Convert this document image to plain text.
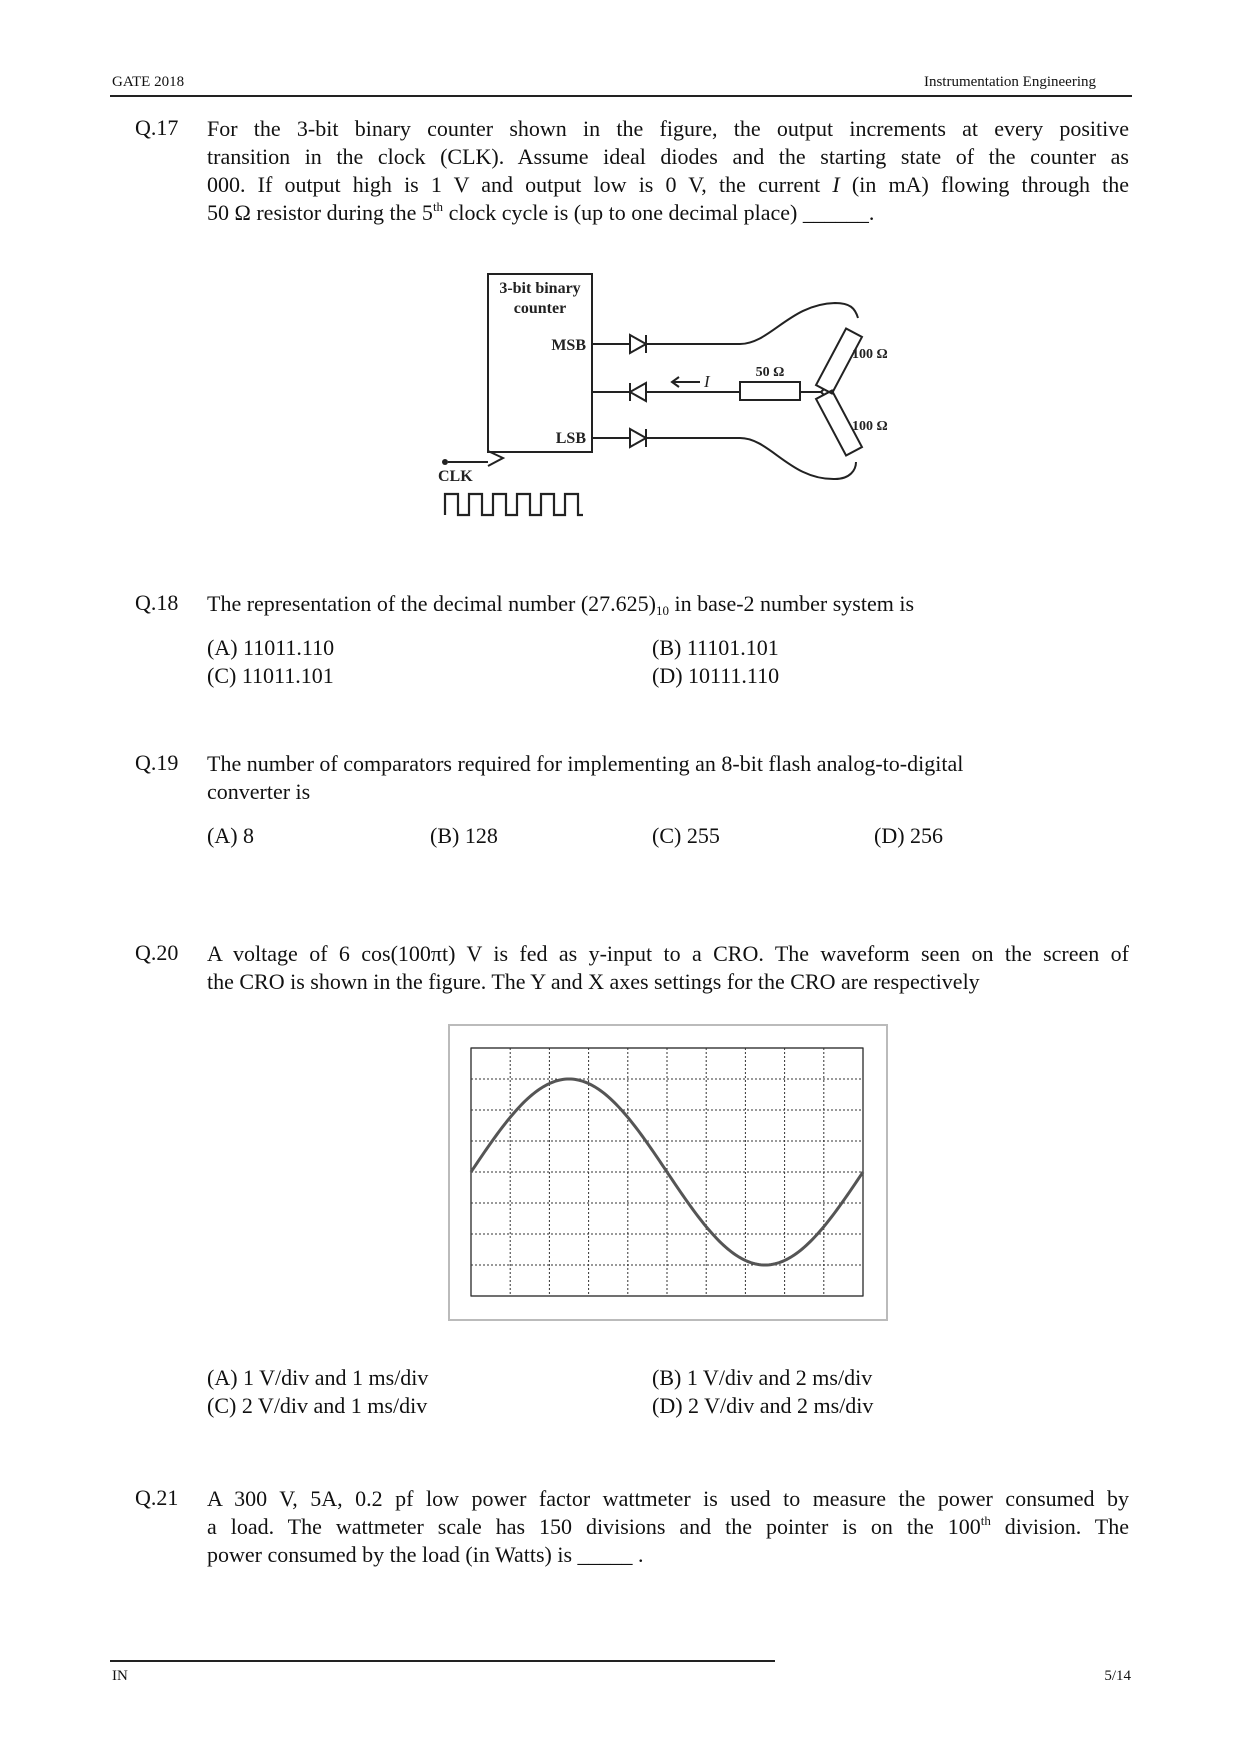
GATE 2018	Instrumentation Engineering
Q.17 For the 3-bit binary counter shown in the figure, the output increments at every positive
transition in the clock (CLK). Assume ideal diodes and the starting state of the counter as
000. If output high is 1 V and output low is 0 V, the current I (in mA) flowing through the
50 Ω resistor during the 5th clock cycle is (up to one decimal place) ______.
3-bit binary
counter
MSB
LSB
CLK
50 Ω
100 Ω
100 Ω
I
Q.18 The representation of the decimal number $(27.625)_{10}$ in base-2 number system is
(A) 11011.110	(B) 11101.101
(C) 11011.101	(D) 10111.110
Q.19 The number of comparators required for implementing an 8-bit flash analog-to-digital
converter is
(A) 8	(B) 128	(C) 255	(D) 256
Q.20 A voltage of 6 cos(100πt) V is fed as y-input to a CRO. The waveform seen on the screen of
the CRO is shown in the figure. The Y and X axes settings for the CRO are respectively
(A) 1 V/div and 1 ms/div	(B) 1 V/div and 2 ms/div
(C) 2 V/div and 1 ms/div	(D) 2 V/div and 2 ms/div
Q.21 A 300 V, 5A, 0.2 pf low power factor wattmeter is used to measure the power consumed by
a load. The wattmeter scale has 150 divisions and the pointer is on the 100th division. The
power consumed by the load (in Watts) is _____ .
IN	5/14
